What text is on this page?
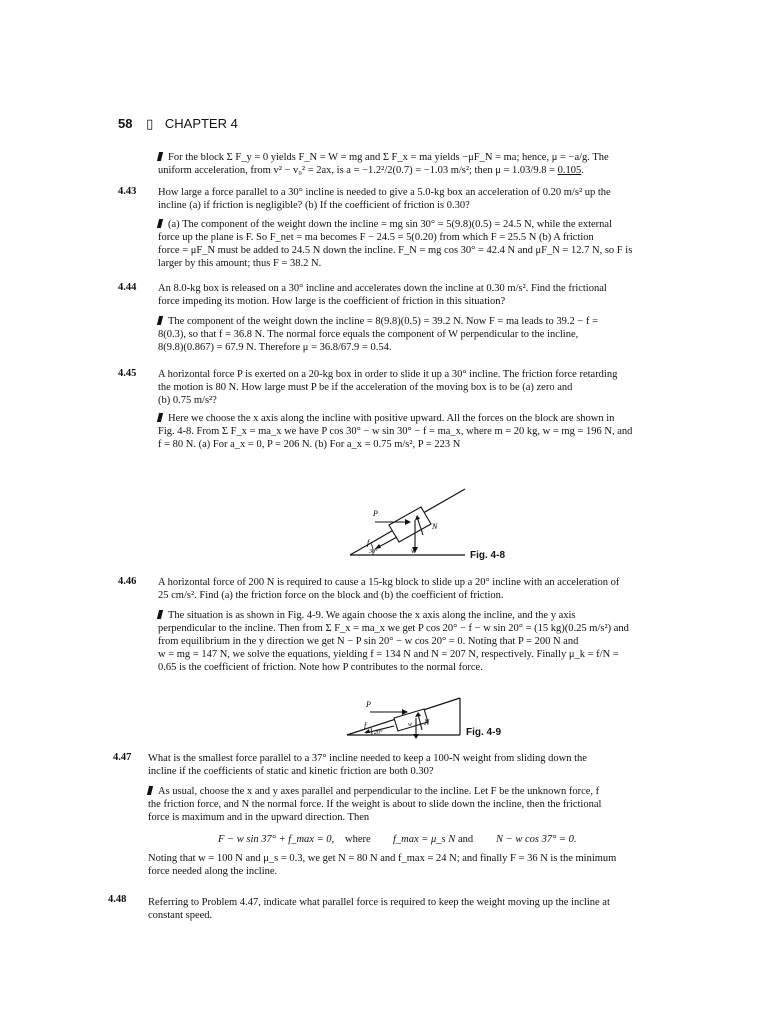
58 ▯ CHAPTER 4

For the block Σ F_y = 0 yields F_N = W = mg and Σ F_x = ma yields −μF_N = ma; hence, μ = −a/g. The

uniform acceleration, from v² − v₀² = 2ax, is a = −1.2²/2(0.7) = −1.03 m/s²; then μ = 1.03/9.8 = 0.105.

4.43 How large a force parallel to a 30° incline is needed to give a 5.0-kg box an acceleration of 0.20 m/s² up the

incline (a) if friction is negligible? (b) If the coefficient of friction is 0.30?

(a) The component of the weight down the incline = mg sin 30° = 5(9.8)(0.5) = 24.5 N, while the external

force up the plane is F. So F_net = ma becomes F − 24.5 = 5(0.20) from which F = 25.5 N (b) A friction

force = μF_N must be added to 24.5 N down the incline. F_N = mg cos 30° = 42.4 N and μF_N = 12.7 N, so F is

larger by this amount; thus F = 38.2 N.

4.44 An 8.0-kg box is released on a 30° incline and accelerates down the incline at 0.30 m/s². Find the frictional

force impeding its motion. How large is the coefficient of friction in this situation?

The component of the weight down the incline = 8(9.8)(0.5) = 39.2 N. Now F = ma leads to 39.2 − f =

8(0.3), so that f = 36.8 N. The normal force equals the component of W perpendicular to the incline,

8(9.8)(0.867) = 67.9 N. Therefore μ = 36.8/67.9 = 0.54.

4.45 A horizontal force P is exerted on a 20-kg box in order to slide it up a 30° incline. The friction force retarding

the motion is 80 N. How large must P be if the acceleration of the moving box is to be (a) zero and

(b) 0.75 m/s²?

Here we choose the x axis along the incline with positive upward. All the forces on the block are shown in

Fig. 4-8. From Σ F_x = ma_x we have P cos 30° − w sin 30° − f = ma_x, where m = 20 kg, w = mg = 196 N, and

f = 80 N. (a) For a_x = 0, P = 206 N. (b) For a_x = 0.75 m/s², P = 223 N

P
f
N
w
30°	Fig. 4-8
4.46 A horizontal force of 200 N is required to cause a 15-kg block to slide up a 20° incline with an acceleration of

25 cm/s². Find (a) the friction force on the block and (b) the coefficient of friction.

The situation is as shown in Fig. 4-9. We again choose the x axis along the incline, and the y axis

perpendicular to the incline. Then from Σ F_x = ma_x we get P cos 20° − f − w sin 20° = (15 kg)(0.25 m/s²) and

from equilibrium in the y direction we get N − P sin 20° − w cos 20° = 0. Noting that P = 200 N and

w = mg = 147 N, we solve the equations, yielding f = 134 N and N = 207 N, respectively. Finally μ_k = f/N =

0.65 is the coefficient of friction. Note how P contributes to the normal force.

P
f	N
w
20°	Fig. 4-9
4.47 What is the smallest force parallel to a 37° incline needed to keep a 100-N weight from sliding down the

incline if the coefficients of static and kinetic friction are both 0.30?

As usual, choose the x and y axes parallel and perpendicular to the incline. Let F be the unknown force, f

the friction force, and N the normal force. If the weight is about to slide down the incline, then the frictional

force is maximum and in the upward direction. Then

F − w sin 37° + f_max = 0, where f_max = μ_s N and N − w cos 37° = 0.

Noting that w = 100 N and μ_s = 0.3, we get N = 80 N and f_max = 24 N; and finally F = 36 N is the minimum

force needed along the incline.

4.48 Referring to Problem 4.47, indicate what parallel force is required to keep the weight moving up the incline at

constant speed.
